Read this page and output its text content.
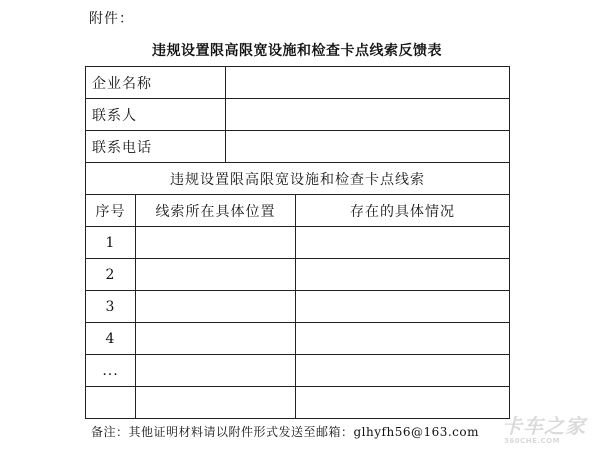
附件：
违规设置限高限宽设施和检查卡点线索反馈表
企业名称			
联系人			
联系电话			
违规设置限高限宽设施和检查卡点线索			
序号	线索所在具体位置		存在的具体情况
1			
2			
3			
4			
...			

备注：其他证明材料请以附件形式发送至邮箱：glhyfh56@163.com 卡车之家
360CHE.COM
